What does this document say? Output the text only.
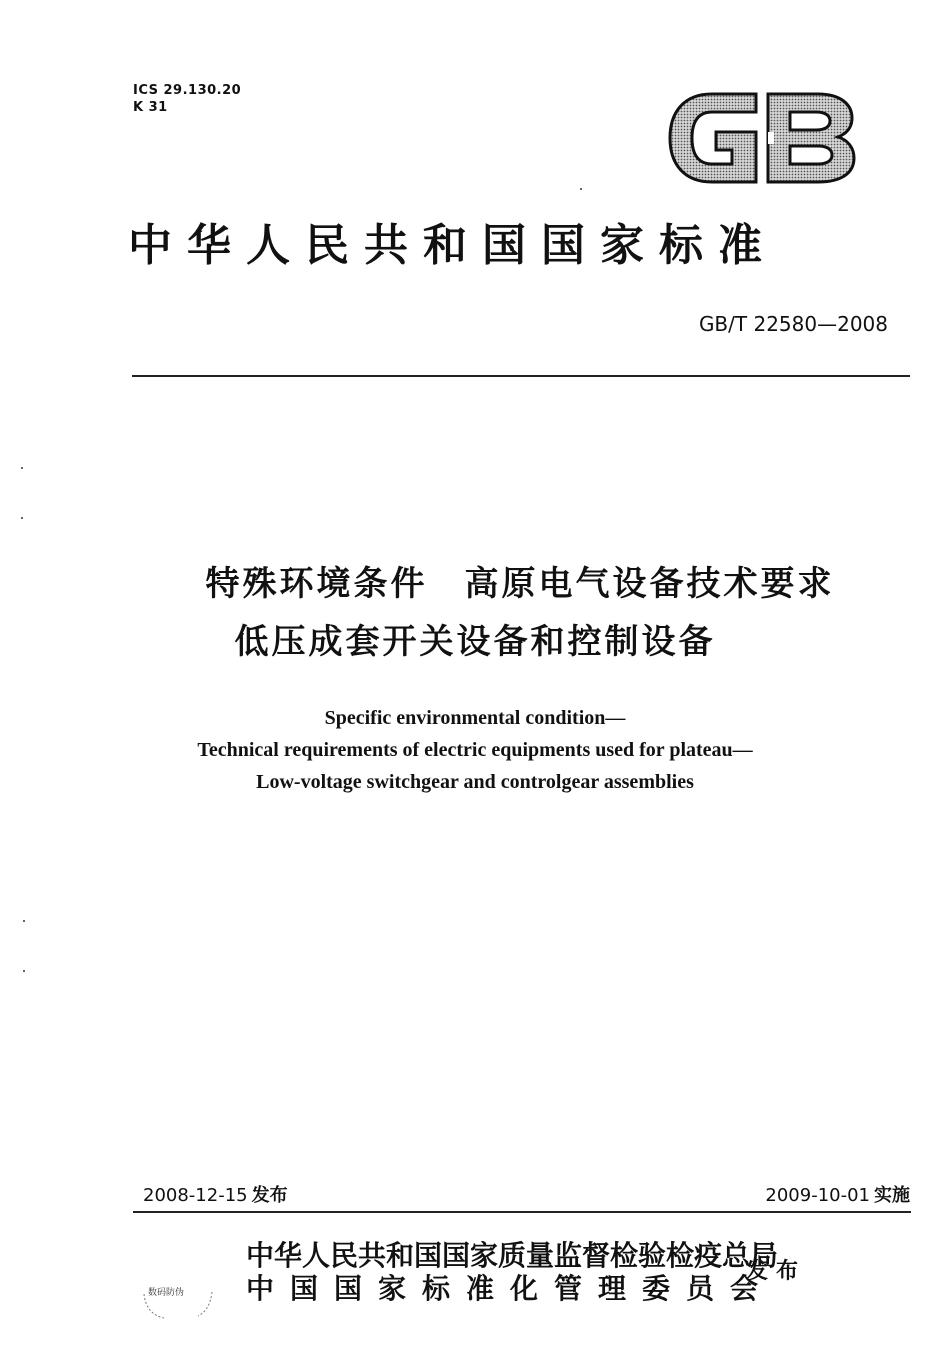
ICS 29.130.20
K 31
中华人民共和国国家标准
GB/T 22580—2008
特殊环境条件　高原电气设备技术要求
低压成套开关设备和控制设备
Specific environmental condition—
Technical requirements of electric equipments used for plateau—
Low-voltage switchgear and controlgear assemblies
2008-12-15 发布	2009-10-01 实施
数码防伪
中华人民共和国国家质量监督检验检疫总局
中国国家标准化管理委员会
发布
